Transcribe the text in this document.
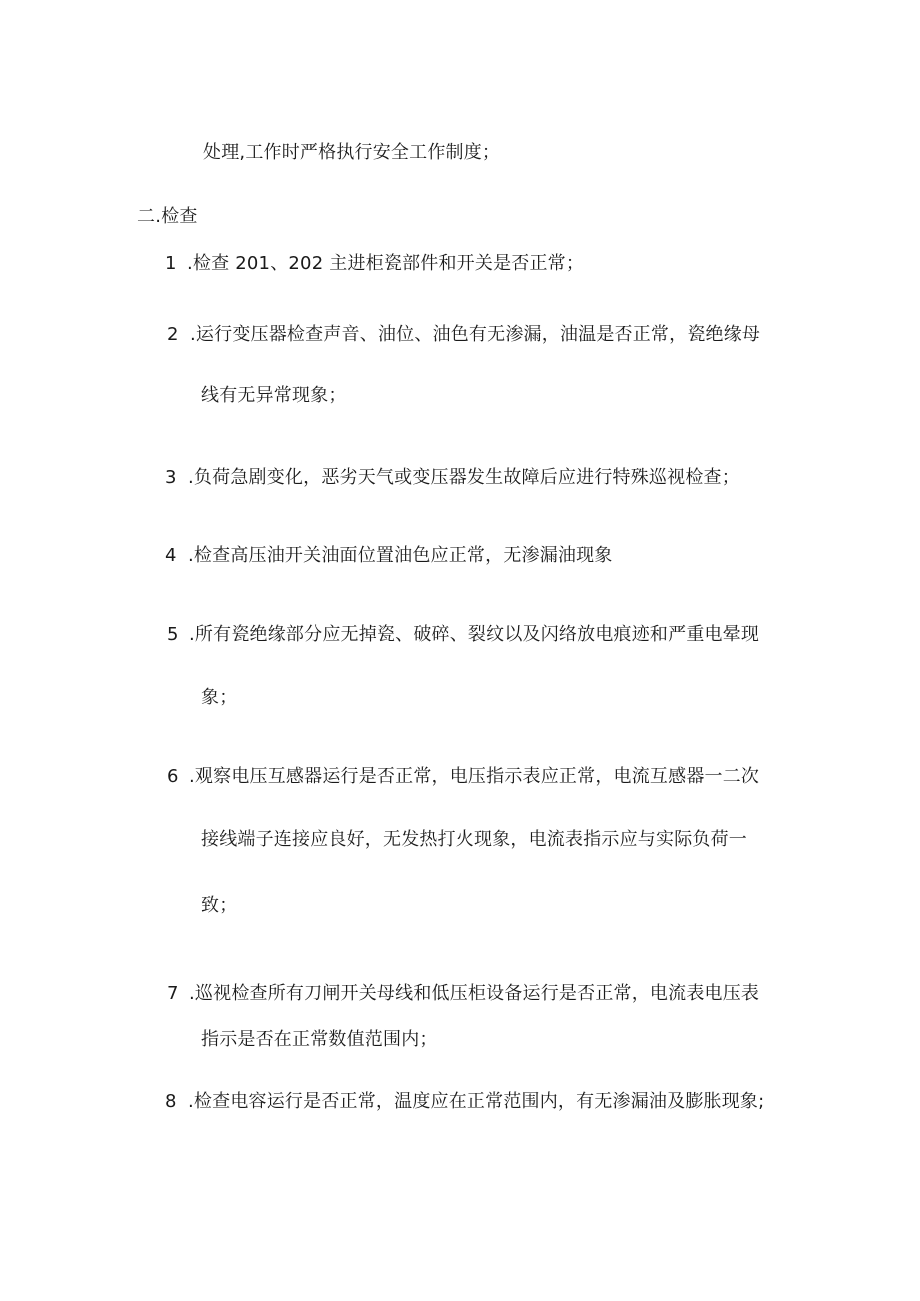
处理,工作时严格执行安全工作制度；
二.检查
1 .检查 201、202 主进柜瓷部件和开关是否正常；
2 .运行变压器检查声音、油位、油色有无渗漏，油温是否正常，瓷绝缘母
线有无异常现象；
3 .负荷急剧变化，恶劣天气或变压器发生故障后应进行特殊巡视检查；
4 .检查高压油开关油面位置油色应正常，无渗漏油现象
5 .所有瓷绝缘部分应无掉瓷、破碎、裂纹以及闪络放电痕迹和严重电晕现
象；
6 .观察电压互感器运行是否正常，电压指示表应正常，电流互感器一二次
接线端子连接应良好，无发热打火现象，电流表指示应与实际负荷一
致；
7 .巡视检查所有刀闸开关母线和低压柜设备运行是否正常，电流表电压表
指示是否在正常数值范围内；
8 .检查电容运行是否正常，温度应在正常范围内，有无渗漏油及膨胀现象;
